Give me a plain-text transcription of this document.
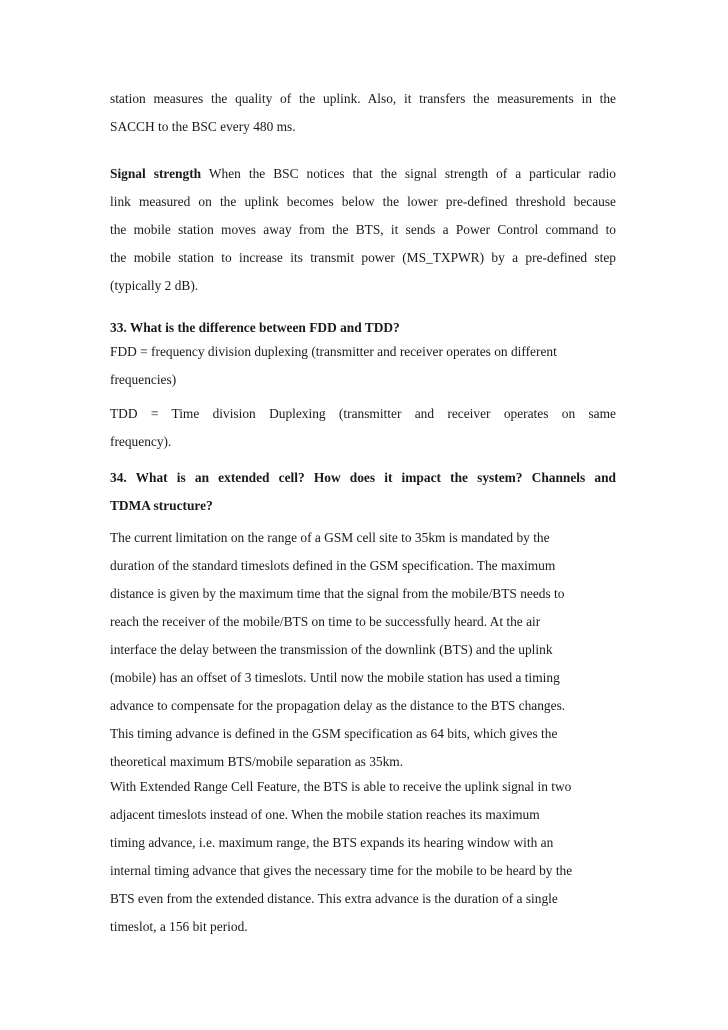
station measures the quality of the uplink. Also, it transfers the measurements in the
SACCH to the BSC every 480 ms.
Signal strength When the BSC notices that the signal strength of a particular radio
link measured on the uplink becomes below the lower pre-defined threshold because
the mobile station moves away from the BTS, it sends a Power Control command to
the mobile station to increase its transmit power (MS_TXPWR) by a pre-defined step
(typically 2 dB).
33. What is the difference between FDD and TDD?
FDD = frequency division duplexing (transmitter and receiver operates on different
frequencies)
TDD = Time division Duplexing (transmitter and receiver operates on same
frequency).
34. What is an extended cell? How does it impact the system? Channels and
TDMA structure?
The current limitation on the range of a GSM cell site to 35km is mandated by the
duration of the standard timeslots defined in the GSM specification. The maximum
distance is given by the maximum time that the signal from the mobile/BTS needs to
reach the receiver of the mobile/BTS on time to be successfully heard. At the air
interface the delay between the transmission of the downlink (BTS) and the uplink
(mobile) has an offset of 3 timeslots. Until now the mobile station has used a timing
advance to compensate for the propagation delay as the distance to the BTS changes.
This timing advance is defined in the GSM specification as 64 bits, which gives the
theoretical maximum BTS/mobile separation as 35km.
With Extended Range Cell Feature, the BTS is able to receive the uplink signal in two
adjacent timeslots instead of one. When the mobile station reaches its maximum
timing advance, i.e. maximum range, the BTS expands its hearing window with an
internal timing advance that gives the necessary time for the mobile to be heard by the
BTS even from the extended distance. This extra advance is the duration of a single
timeslot, a 156 bit period.
